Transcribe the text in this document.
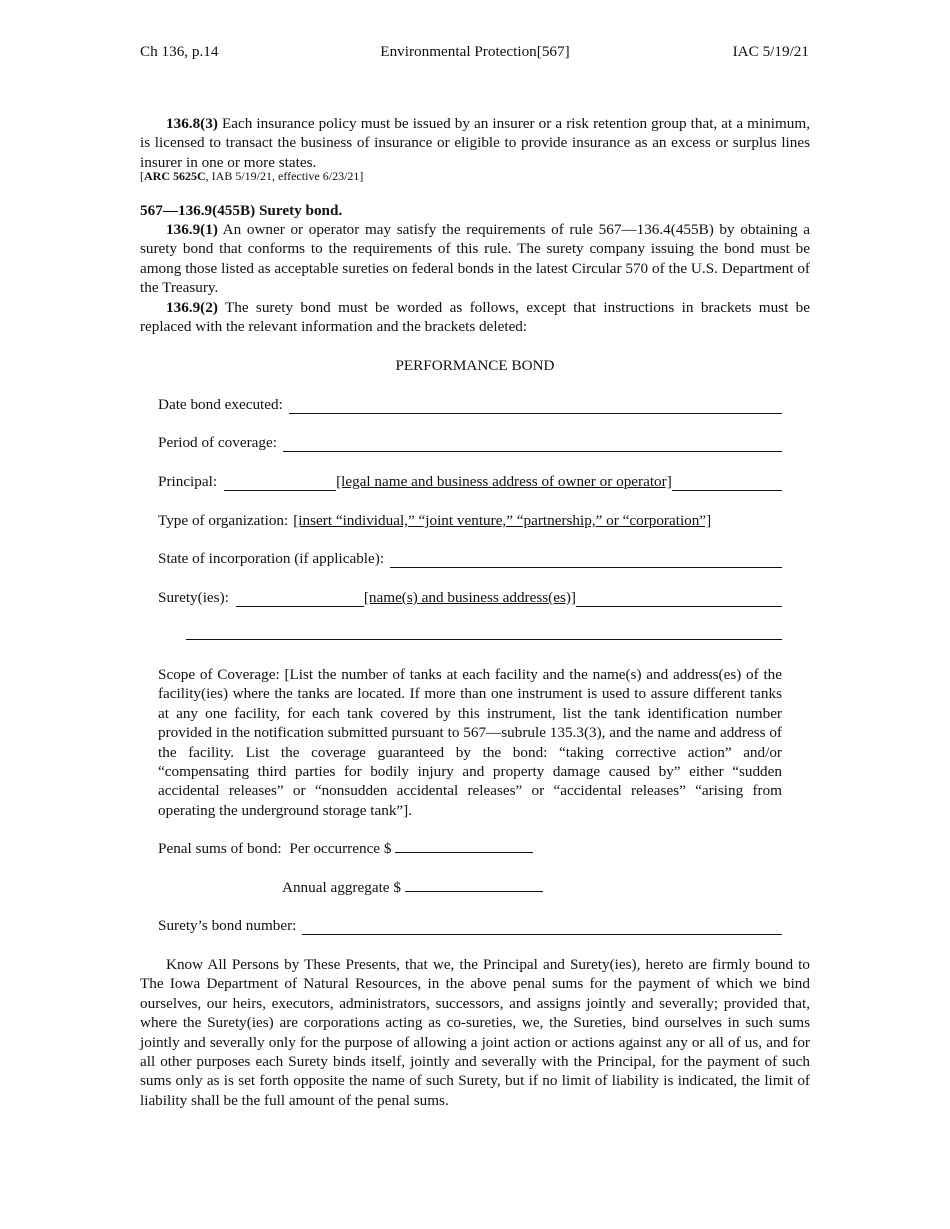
Ch 136, p.14	Environmental Protection[567]	IAC 5/19/21

136.8(3) Each insurance policy must be issued by an insurer or a risk retention group that, at a minimum, is licensed to transact the business of insurance or eligible to provide insurance as an excess or surplus lines insurer in one or more states.

[ARC 5625C, IAB 5/19/21, effective 6/23/21]

567—136.9(455B) Surety bond.

136.9(1) An owner or operator may satisfy the requirements of rule 567—136.4(455B) by obtaining a surety bond that conforms to the requirements of this rule. The surety company issuing the bond must be among those listed as acceptable sureties on federal bonds in the latest Circular 570 of the U.S. Department of the Treasury.

136.9(2) The surety bond must be worded as follows, except that instructions in brackets must be replaced with the relevant information and the brackets deleted:

PERFORMANCE BOND
Date bond executed:
Period of coverage:
Principal:	[legal name and business address of owner or operator]
Type of organization: [insert “individual,” “joint venture,” “partnership,” or “corporation”]
State of incorporation (if applicable):
Surety(ies):	[name(s) and business address(es)]

Scope of Coverage: [List the number of tanks at each facility and the name(s) and address(es) of the facility(ies) where the tanks are located. If more than one instrument is used to assure different tanks at any one facility, for each tank covered by this instrument, list the tank identification number provided in the notification submitted pursuant to 567—subrule 135.3(3), and the name and address of the facility. List the coverage guaranteed by the bond: “taking corrective action” and/or “compensating third parties for bodily injury and property damage caused by” either “sudden accidental releases” or “nonsudden accidental releases” or “accidental releases” “arising from operating the underground storage tank”].

Penal sums of bond: Per occurrence $
Annual aggregate $
Surety’s bond number:

Know All Persons by These Presents, that we, the Principal and Surety(ies), hereto are firmly bound to The Iowa Department of Natural Resources, in the above penal sums for the payment of which we bind ourselves, our heirs, executors, administrators, successors, and assigns jointly and severally; provided that, where the Surety(ies) are corporations acting as co-sureties, we, the Sureties, bind ourselves in such sums jointly and severally only for the purpose of allowing a joint action or actions against any or all of us, and for all other purposes each Surety binds itself, jointly and severally with the Principal, for the payment of such sums only as is set forth opposite the name of such Surety, but if no limit of liability is indicated, the limit of liability shall be the full amount of the penal sums.
